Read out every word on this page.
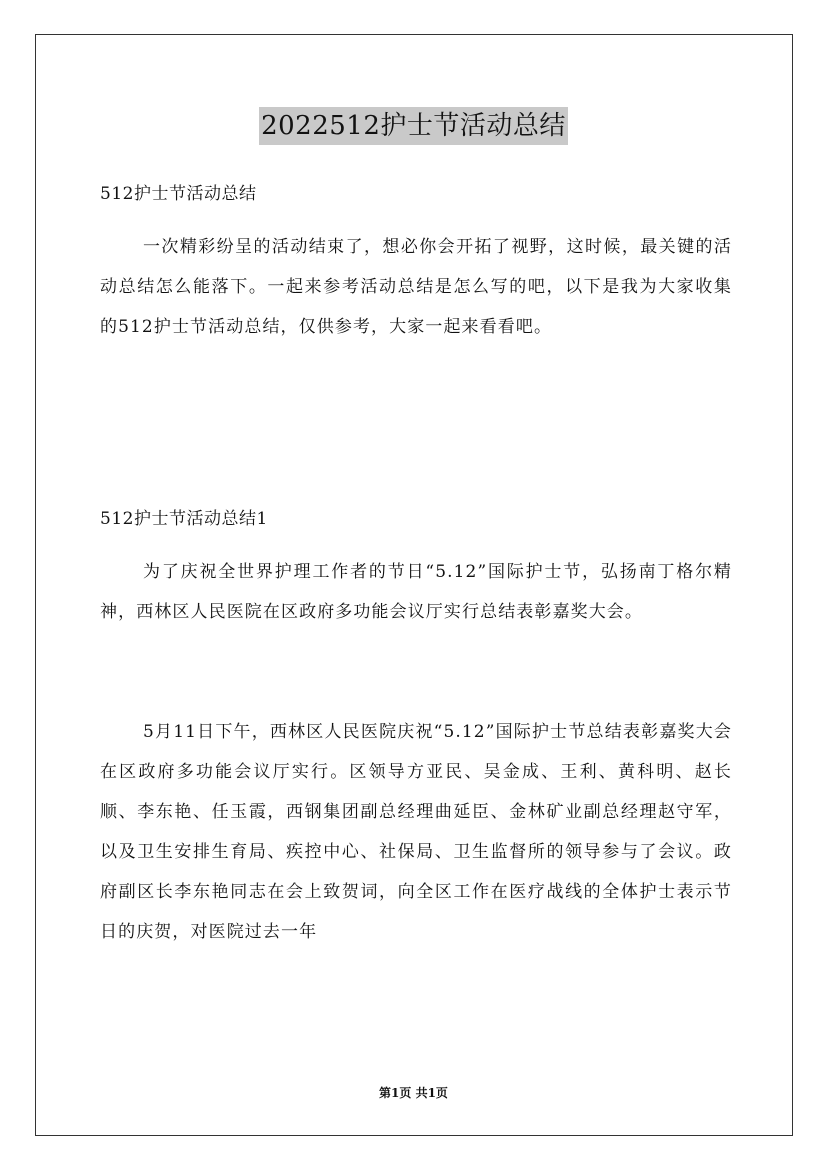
2022512护士节活动总结

512护士节活动总结

一次精彩纷呈的活动结束了，想必你会开拓了视野，这时候，最关键的活动总结怎么能落下。一起来参考活动总结是怎么写的吧，以下是我为大家收集的512护士节活动总结，仅供参考，大家一起来看看吧。

512护士节活动总结1

为了庆祝全世界护理工作者的节日“5.12”国际护士节，弘扬南丁格尔精神，西林区人民医院在区政府多功能会议厅实行总结表彰嘉奖大会。

5月11日下午，西林区人民医院庆祝“5.12”国际护士节总结表彰嘉奖大会在区政府多功能会议厅实行。区领导方亚民、吴金成、王利、黄科明、赵长顺、李东艳、任玉霞，西钢集团副总经理曲延臣、金林矿业副总经理赵守军，以及卫生安排生育局、疾控中心、社保局、卫生监督所的领导参与了会议。政府副区长李东艳同志在会上致贺词，向全区工作在医疗战线的全体护士表示节日的庆贺，对医院过去一年

第1页 共1页
